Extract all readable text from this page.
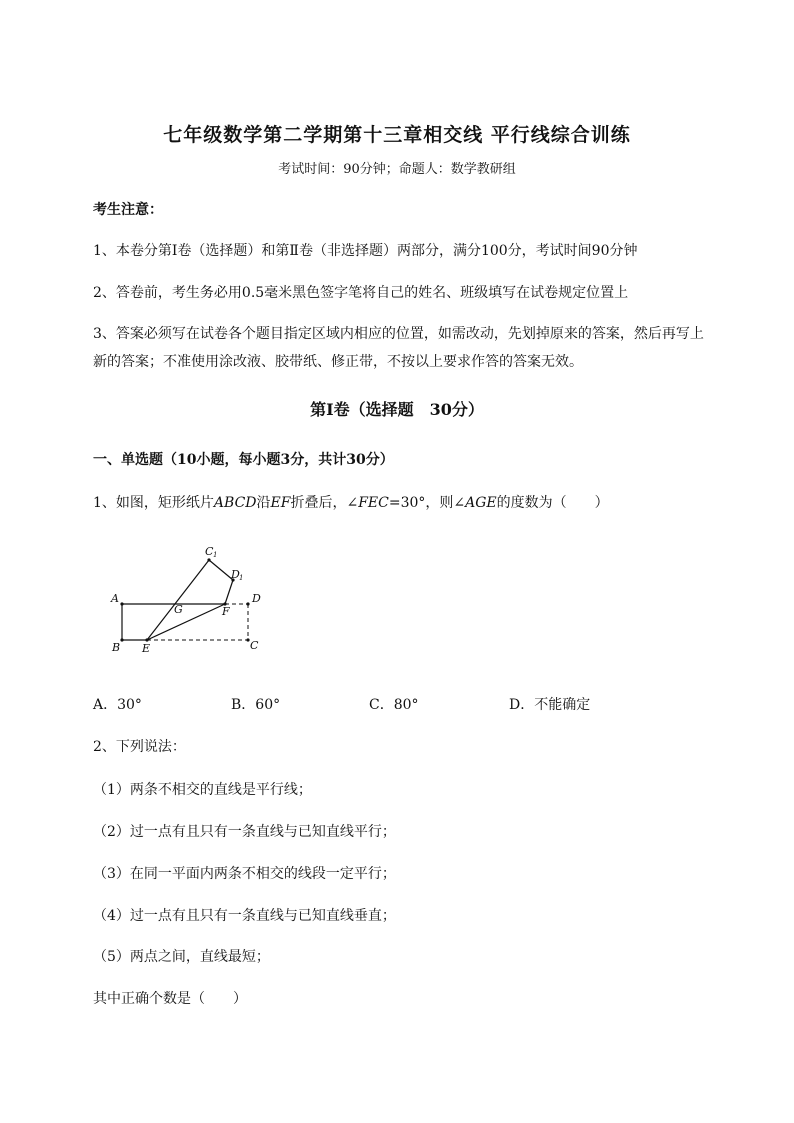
七年级数学第二学期第十三章相交线 平行线综合训练
考试时间：90分钟；命题人：数学教研组
考生注意：
1、本卷分第I卷（选择题）和第Ⅱ卷（非选择题）两部分，满分100分，考试时间90分钟
2、答卷前，考生务必用0.5毫米黑色签字笔将自己的姓名、班级填写在试卷规定位置上
3、答案必须写在试卷各个题目指定区域内相应的位置，如需改动，先划掉原来的答案，然后再写上新的答案；不准使用涂改液、胶带纸、修正带，不按以上要求作答的答案无效。
第I卷（选择题　30分）
一、单选题（10小题，每小题3分，共计30分）
1、如图，矩形纸片ABCD沿EF折叠后，∠FEC=30°，则∠AGE的度数为（　　）
A
B E	C
D
F
G
C 1
D 1
A．30°	B．60°	C．80°	D．不能确定
2、下列说法：
（1）两条不相交的直线是平行线；
（2）过一点有且只有一条直线与已知直线平行；
（3）在同一平面内两条不相交的线段一定平行；
（4）过一点有且只有一条直线与已知直线垂直；
（5）两点之间，直线最短；
其中正确个数是（　　）
